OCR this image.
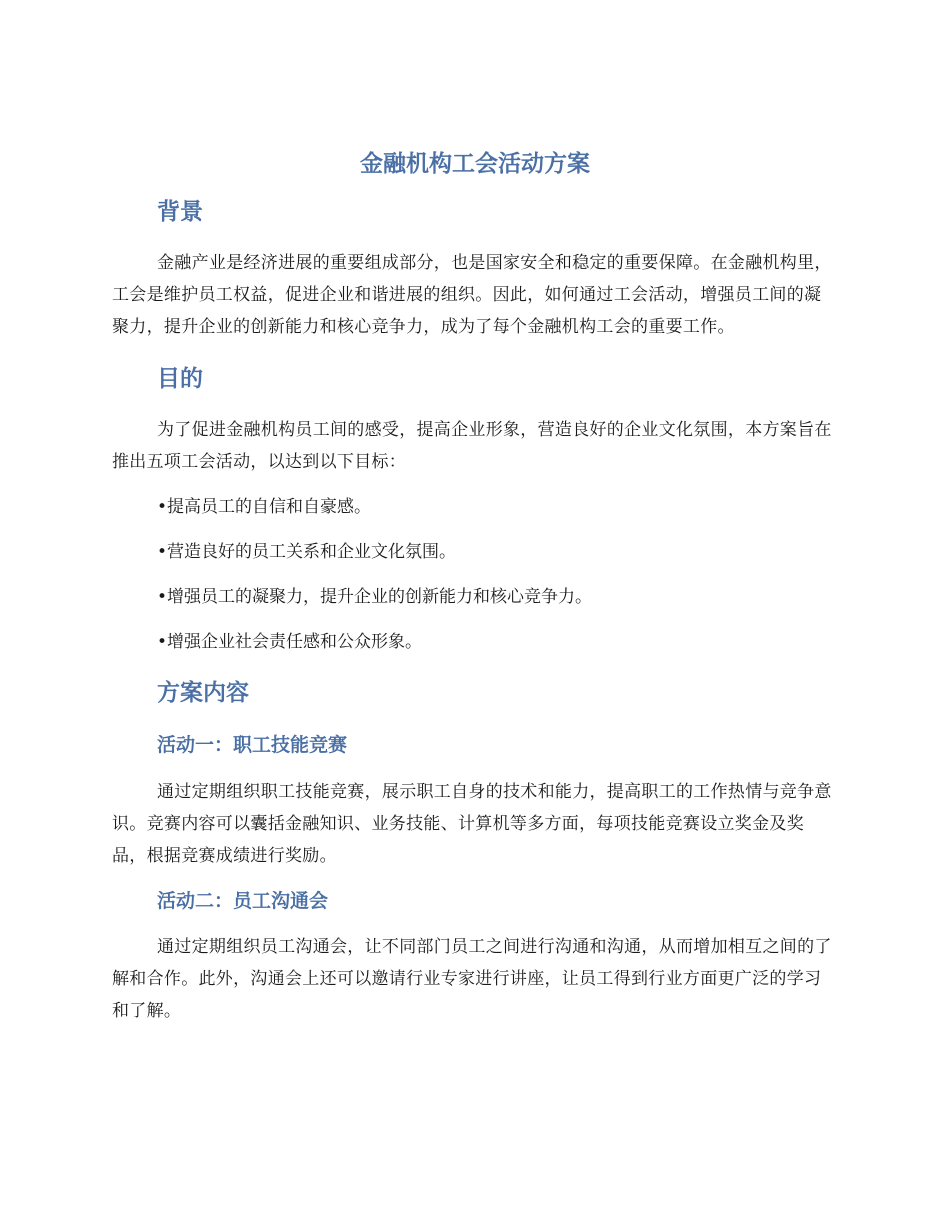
金融机构工会活动方案
背景

金融产业是经济进展的重要组成部分，也是国家安全和稳定的重要保障。在金融机构里，工会是维护员工权益，促进企业和谐进展的组织。因此，如何通过工会活动，增强员工间的凝聚力，提升企业的创新能力和核心竞争力，成为了每个金融机构工会的重要工作。

目的

为了促进金融机构员工间的感受，提高企业形象，营造良好的企业文化氛围，本方案旨在推出五项工会活动，以达到以下目标：

•提高员工的自信和自豪感。
•营造良好的员工关系和企业文化氛围。
•增强员工的凝聚力，提升企业的创新能力和核心竞争力。
•增强企业社会责任感和公众形象。
方案内容
活动一：职工技能竞赛

通过定期组织职工技能竞赛，展示职工自身的技术和能力，提高职工的工作热情与竞争意识。竞赛内容可以囊括金融知识、业务技能、计算机等多方面，每项技能竞赛设立奖金及奖品，根据竞赛成绩进行奖励。

活动二：员工沟通会

通过定期组织员工沟通会，让不同部门员工之间进行沟通和沟通，从而增加相互之间的了解和合作。此外，沟通会上还可以邀请行业专家进行讲座，让员工得到行业方面更广泛的学习和了解。
